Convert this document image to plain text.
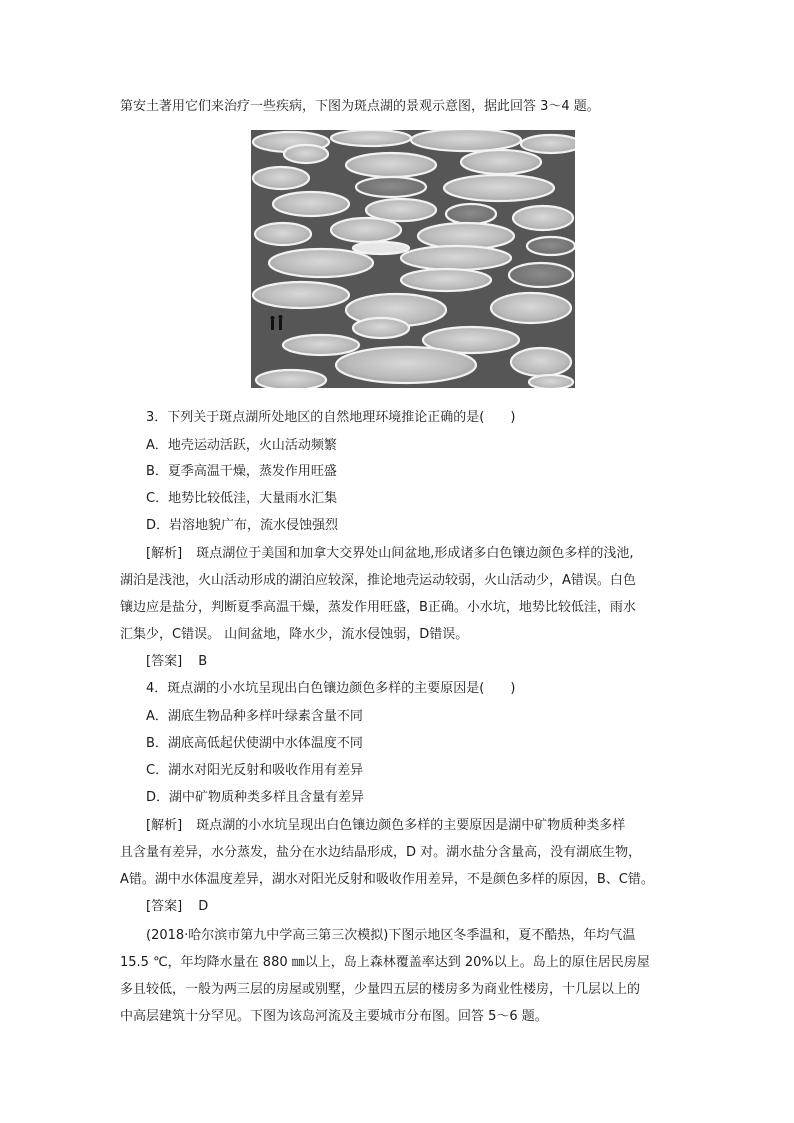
第安土著用它们来治疗一些疾病，下图为斑点湖的景观示意图，据此回答 3～4 题。
3．下列关于斑点湖所处地区的自然地理环境推论正确的是(　　)
A．地壳运动活跃，火山活动频繁
B．夏季高温干燥，蒸发作用旺盛
C．地势比较低洼，大量雨水汇集
D．岩溶地貌广布，流水侵蚀强烈
[解析] 斑点湖位于美国和加拿大交界处山间盆地,形成诸多白色镶边颜色多样的浅池,
湖泊是浅池，火山活动形成的湖泊应较深，推论地壳运动较弱，火山活动少，A错误。白色
镶边应是盐分，判断夏季高温干燥，蒸发作用旺盛，B正确。小水坑，地势比较低洼，雨水
汇集少，C错误。 山间盆地，降水少，流水侵蚀弱，D错误。
[答案] B
4．斑点湖的小水坑呈现出白色镶边颜色多样的主要原因是(　　)
A．湖底生物品种多样叶绿素含量不同
B．湖底高低起伏使湖中水体温度不同
C．湖水对阳光反射和吸收作用有差异
D．湖中矿物质种类多样且含量有差异
[解析] 斑点湖的小水坑呈现出白色镶边颜色多样的主要原因是湖中矿物质种类多样
且含量有差异，水分蒸发，盐分在水边结晶形成，D 对。湖水盐分含量高，没有湖底生物，
A错。湖中水体温度差异，湖水对阳光反射和吸收作用差异，不是颜色多样的原因，B、C错。
[答案] D
(2018·哈尔滨市第九中学高三第三次模拟)下图示地区冬季温和，夏不酷热，年均气温
15.5 ℃，年均降水量在 880 ㎜以上，岛上森林覆盖率达到 20%以上。岛上的原住居民房屋
多且较低，一般为两三层的房屋或别墅，少量四五层的楼房多为商业性楼房，十几层以上的
中高层建筑十分罕见。下图为该岛河流及主要城市分布图。回答 5～6 题。
